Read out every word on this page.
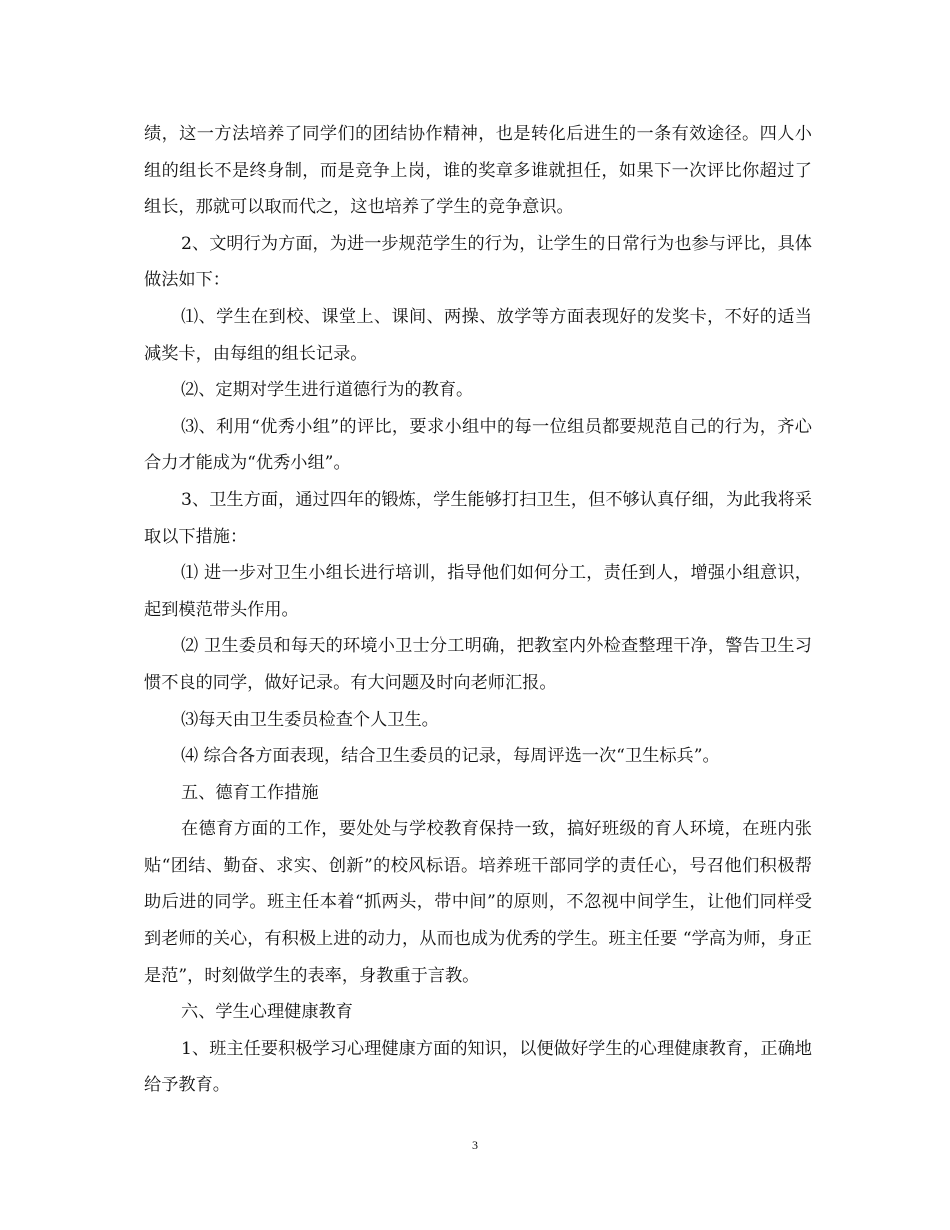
绩，这一方法培养了同学们的团结协作精神，也是转化后进生的一条有效途径。四人小组的组长不是终身制，而是竞争上岗，谁的奖章多谁就担任，如果下一次评比你超过了组长，那就可以取而代之，这也培养了学生的竞争意识。

2、文明行为方面，为进一步规范学生的行为，让学生的日常行为也参与评比，具体做法如下：

⑴、学生在到校、课堂上、课间、两操、放学等方面表现好的发奖卡，不好的适当减奖卡，由每组的组长记录。

⑵、定期对学生进行道德行为的教育。

⑶、利用“优秀小组”的评比，要求小组中的每一位组员都要规范自己的行为，齐心合力才能成为“优秀小组”。

3、卫生方面，通过四年的锻炼，学生能够打扫卫生，但不够认真仔细，为此我将采取以下措施：

⑴ 进一步对卫生小组长进行培训，指导他们如何分工，责任到人，增强小组意识，起到模范带头作用。

⑵ 卫生委员和每天的环境小卫士分工明确，把教室内外检查整理干净，警告卫生习惯不良的同学，做好记录。有大问题及时向老师汇报。

⑶每天由卫生委员检查个人卫生。

⑷ 综合各方面表现，结合卫生委员的记录，每周评选一次“卫生标兵”。

五、德育工作措施

在德育方面的工作，要处处与学校教育保持一致，搞好班级的育人环境，在班内张贴“团结、勤奋、求实、创新”的校风标语。培养班干部同学的责任心，号召他们积极帮助后进的同学。班主任本着“抓两头，带中间”的原则，不忽视中间学生，让他们同样受到老师的关心，有积极上进的动力，从而也成为优秀的学生。班主任要 “学高为师，身正是范”，时刻做学生的表率，身教重于言教。

六、学生心理健康教育

1、班主任要积极学习心理健康方面的知识，以便做好学生的心理健康教育，正确地给予教育。

3
